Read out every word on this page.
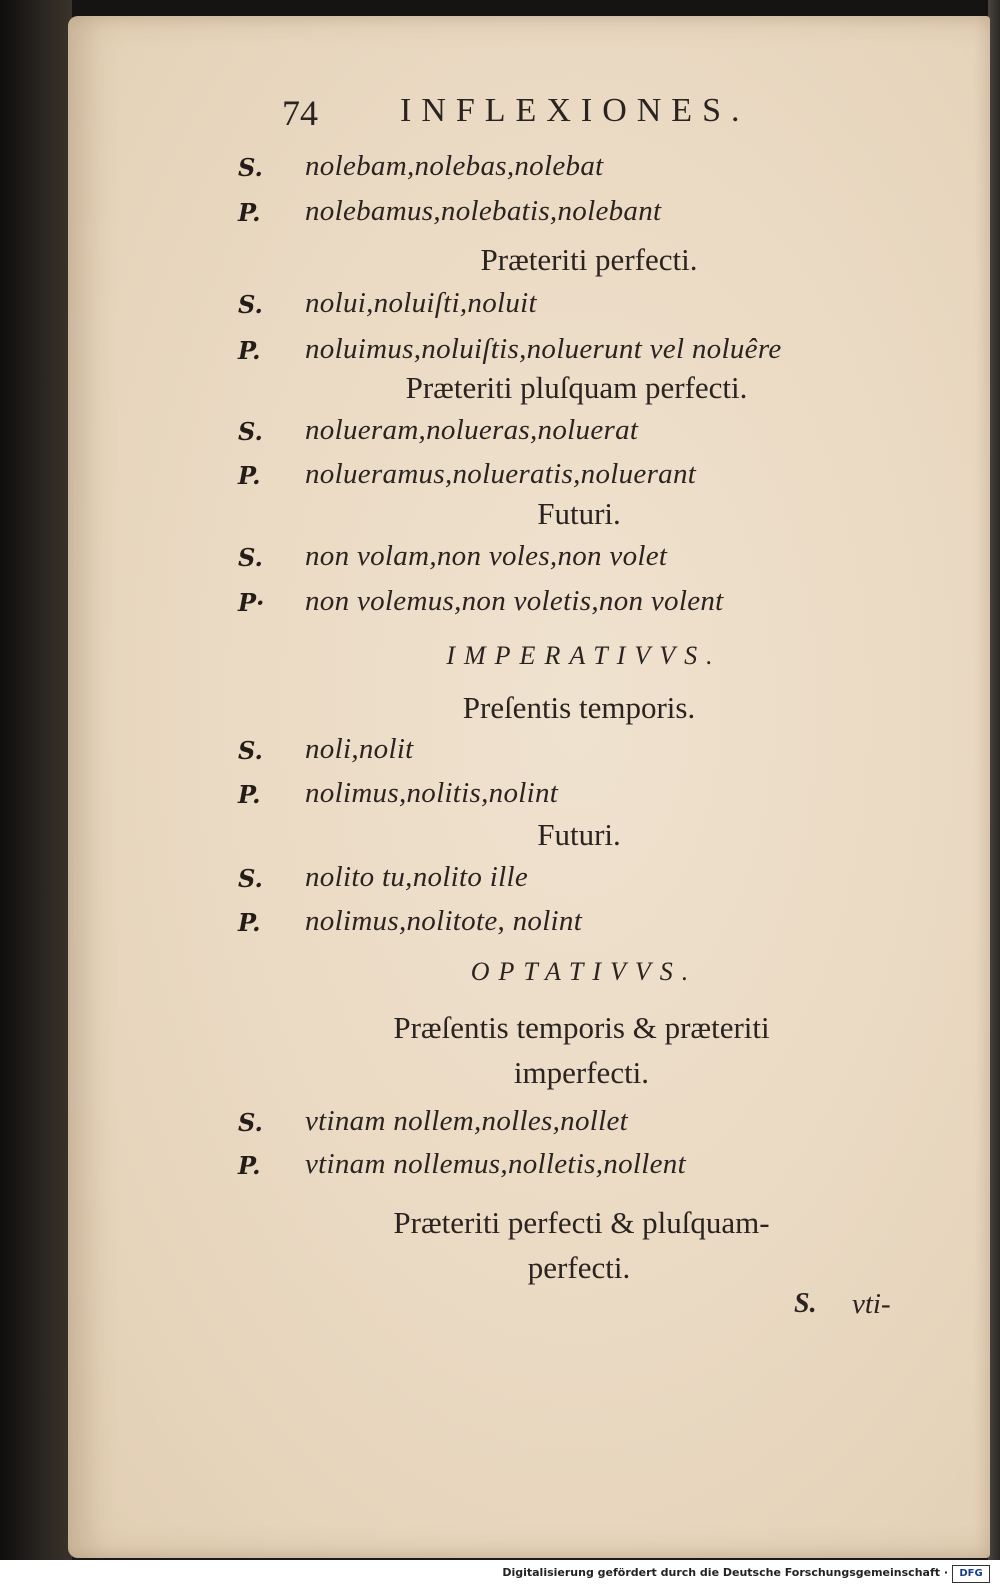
74 INFLEXIONES.
S.	nolebam,nolebas,nolebat
P.	nolebamus,nolebatis,nolebant
Præteriti perfecti.
S.	nolui,noluiſti,noluit
P.	noluimus,noluiſtis,noluerunt vel noluêre
Præteriti pluſquam perfecti.
S.	nolueram,nolueras,noluerat
P.	nolueramus,nolueratis,noluerant
Futuri.
S.	non volam,non voles,non volet
P·	non volemus,non voletis,non volent
IMPERATIVVS.
Preſentis temporis.
S.	noli,nolit
P.	nolimus,nolitis,nolint
Futuri.
S.	nolito tu,nolito ille
P.	nolimus,nolitote, nolint
OPTATIVVS.
Præſentis temporis & præteriti
imperfecti.
S.	vtinam nollem,nolles,nollet
P.	vtinam nollemus,nolletis,nollent
Præteriti perfecti & pluſquam-
perfecti.
S. vti-
Digitalisierung gefördert durch die Deutsche Forschungsgemeinschaft ·	DFG
